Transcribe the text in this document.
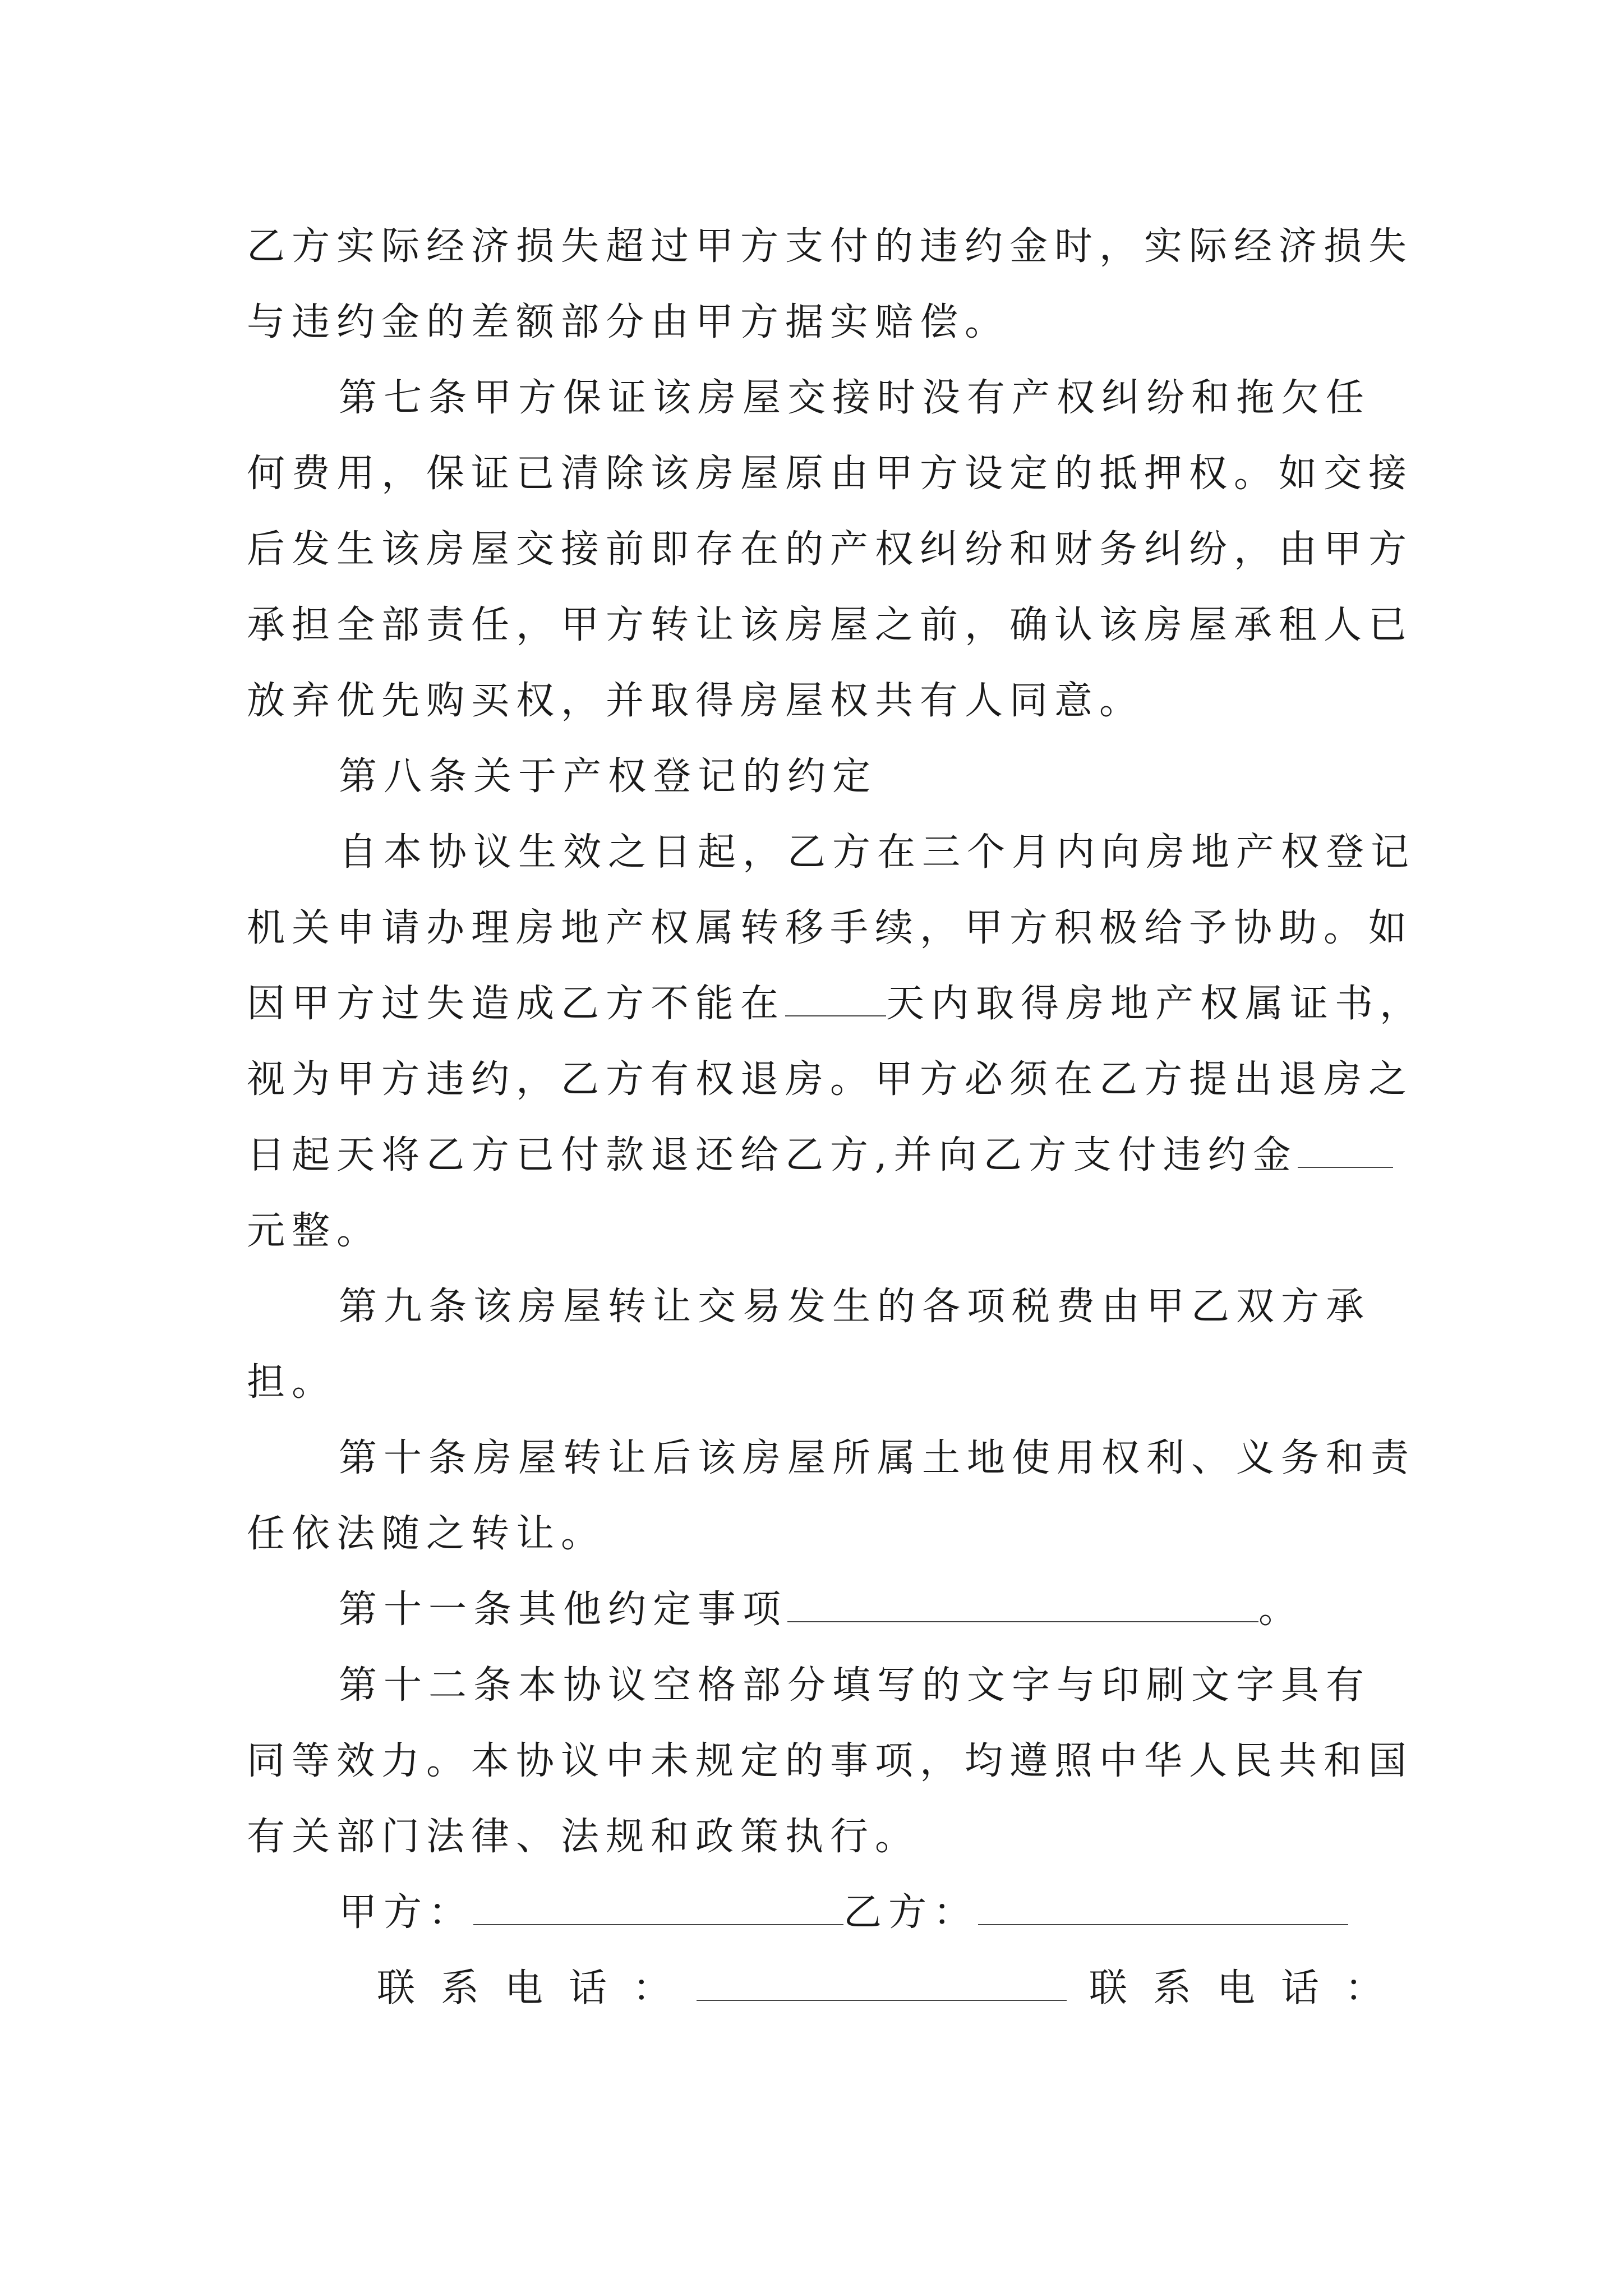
乙方实际经济损失超过甲方支付的违约金时，实际经济损失
与违约金的差额部分由甲方据实赔偿。
第七条甲方保证该房屋交接时没有产权纠纷和拖欠任
何费用，保证已清除该房屋原由甲方设定的抵押权。如交接
后发生该房屋交接前即存在的产权纠纷和财务纠纷，由甲方
承担全部责任，甲方转让该房屋之前，确认该房屋承租人已
放弃优先购买权，并取得房屋权共有人同意。
第八条关于产权登记的约定
自本协议生效之日起，乙方在三个月内向房地产权登记
机关申请办理房地产权属转移手续，甲方积极给予协助。如
因甲方过失造成乙方不能在	天内取得房地产权属证书，
视为甲方违约，乙方有权退房。甲方必须在乙方提出退房之
日起天将乙方已付款退还给乙方,并向乙方支付违约金
元整。
第九条该房屋转让交易发生的各项税费由甲乙双方承
担。
第十条房屋转让后该房屋所属土地使用权利、义务和责
任依法随之转让。
第十一条其他约定事项	。
第十二条本协议空格部分填写的文字与印刷文字具有
同等效力。本协议中未规定的事项，均遵照中华人民共和国
有关部门法律、法规和政策执行。
甲方：	乙方：
联系电话：	联系电话：
